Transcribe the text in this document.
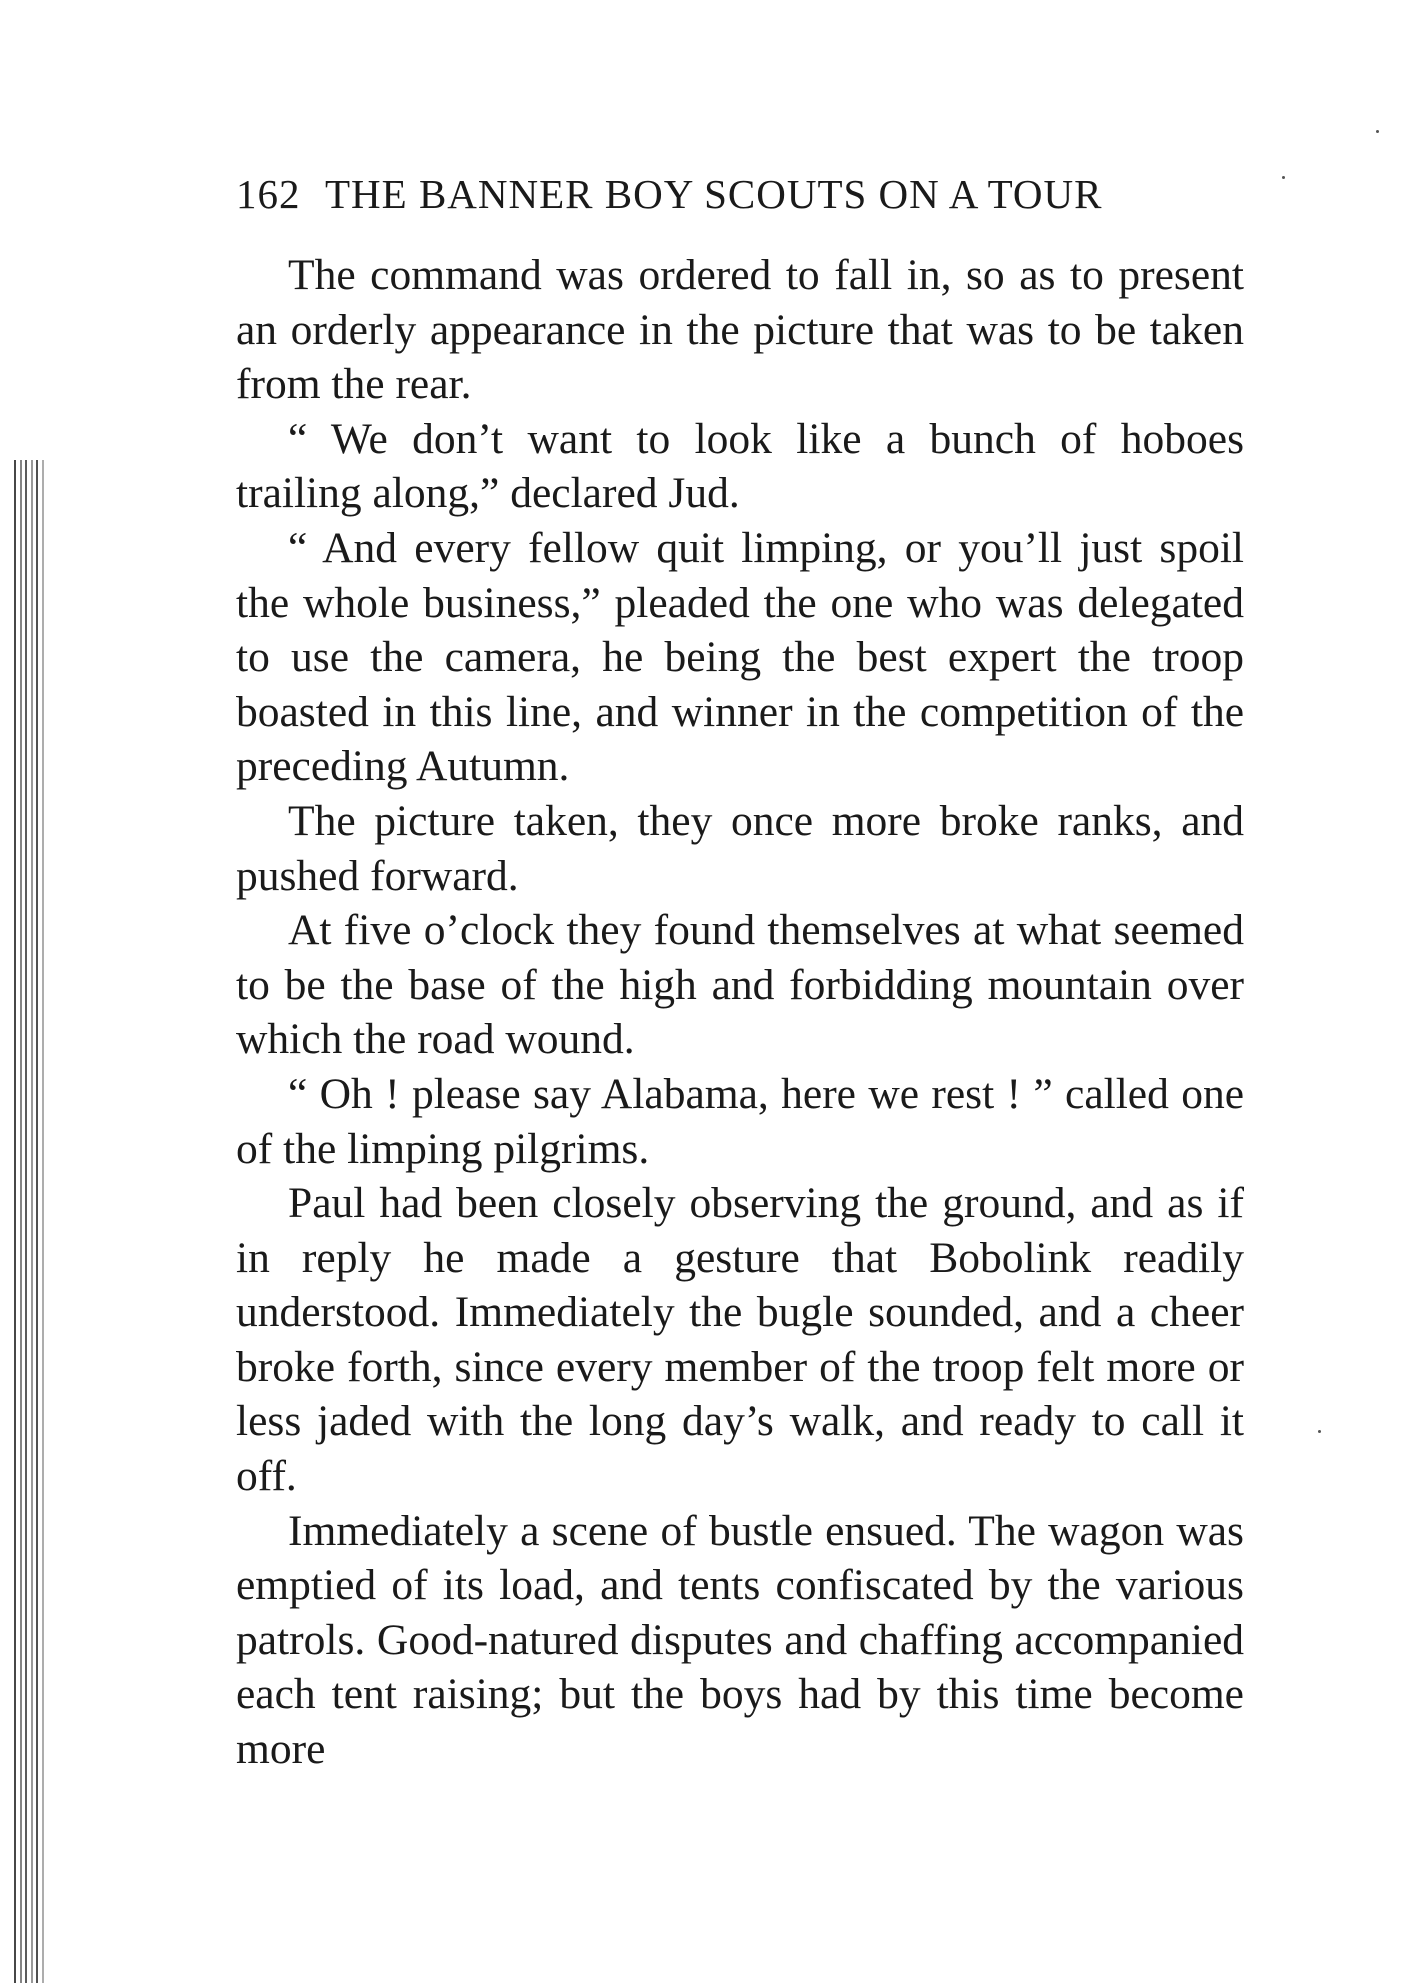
162 THE BANNER BOY SCOUTS ON A TOUR

The command was ordered to fall in, so as to present an orderly appearance in the picture that was to be taken from the rear.

“ We don’t want to look like a bunch of hoboes trailing along,” declared Jud.

“ And every fellow quit limping, or you’ll just spoil the whole business,” pleaded the one who was delegated to use the camera, he being the best expert the troop boasted in this line, and winner in the competition of the preceding Autumn.

The picture taken, they once more broke ranks, and pushed forward.

At five o’clock they found themselves at what seemed to be the base of the high and forbidding mountain over which the road wound.

“ Oh ! please say Alabama, here we rest ! ” called one of the limping pilgrims.

Paul had been closely observing the ground, and as if in reply he made a gesture that Bobolink readily understood. Immediately the bugle sounded, and a cheer broke forth, since every member of the troop felt more or less jaded with the long day’s walk, and ready to call it off.

Immediately a scene of bustle ensued. The wagon was emptied of its load, and tents confiscated by the various patrols. Good-natured disputes and chaffing accompanied each tent raising; but the boys had by this time become more
